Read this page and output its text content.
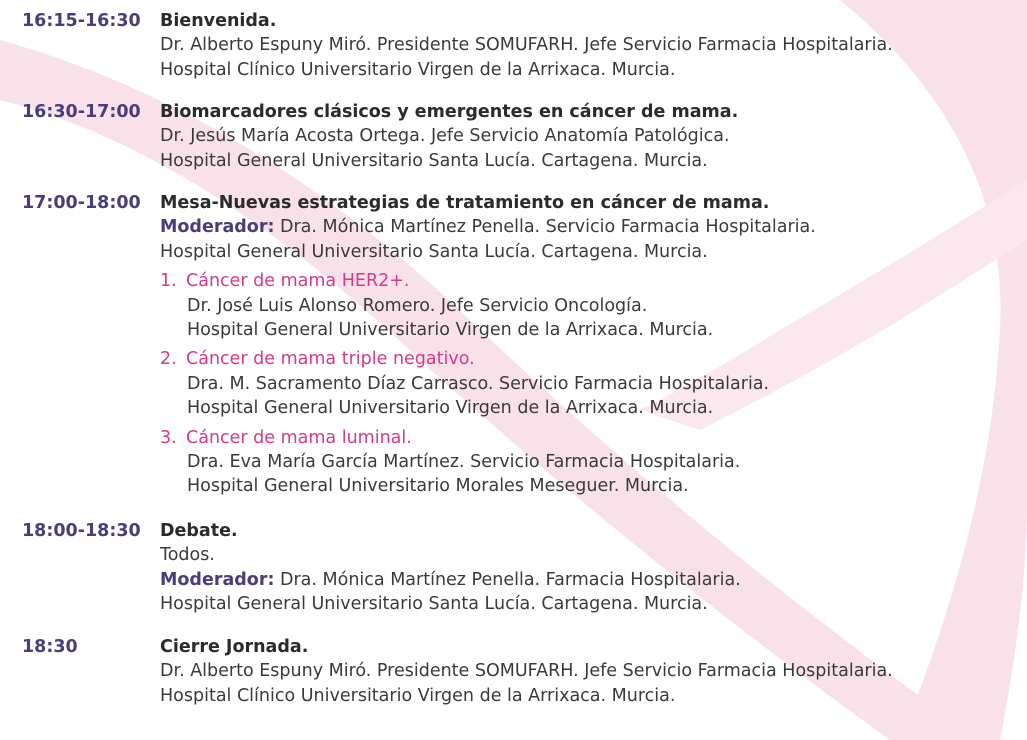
16:15-16:30 Bienvenida.
Dr. Alberto Espuny Miró. Presidente SOMUFARH. Jefe Servicio Farmacia Hospitalaria.
Hospital Clínico Universitario Virgen de la Arrixaca. Murcia.
16:30-17:00 Biomarcadores clásicos y emergentes en cáncer de mama.
Dr. Jesús María Acosta Ortega. Jefe Servicio Anatomía Patológica.
Hospital General Universitario Santa Lucía. Cartagena. Murcia.
17:00-18:00 Mesa-Nuevas estrategias de tratamiento en cáncer de mama.
Moderador: Dra. Mónica Martínez Penella. Servicio Farmacia Hospitalaria.
Hospital General Universitario Santa Lucía. Cartagena. Murcia.
1. Cáncer de mama HER2+.
Dr. José Luis Alonso Romero. Jefe Servicio Oncología.
Hospital General Universitario Virgen de la Arrixaca. Murcia.
2. Cáncer de mama triple negativo.
Dra. M. Sacramento Díaz Carrasco. Servicio Farmacia Hospitalaria.
Hospital General Universitario Virgen de la Arrixaca. Murcia.
3. Cáncer de mama luminal.
Dra. Eva María García Martínez. Servicio Farmacia Hospitalaria.
Hospital General Universitario Morales Meseguer. Murcia.
18:00-18:30 Debate.
Todos.
Moderador: Dra. Mónica Martínez Penella. Farmacia Hospitalaria.
Hospital General Universitario Santa Lucía. Cartagena. Murcia.
18:30	Cierre Jornada.
Dr. Alberto Espuny Miró. Presidente SOMUFARH. Jefe Servicio Farmacia Hospitalaria.
Hospital Clínico Universitario Virgen de la Arrixaca. Murcia.
